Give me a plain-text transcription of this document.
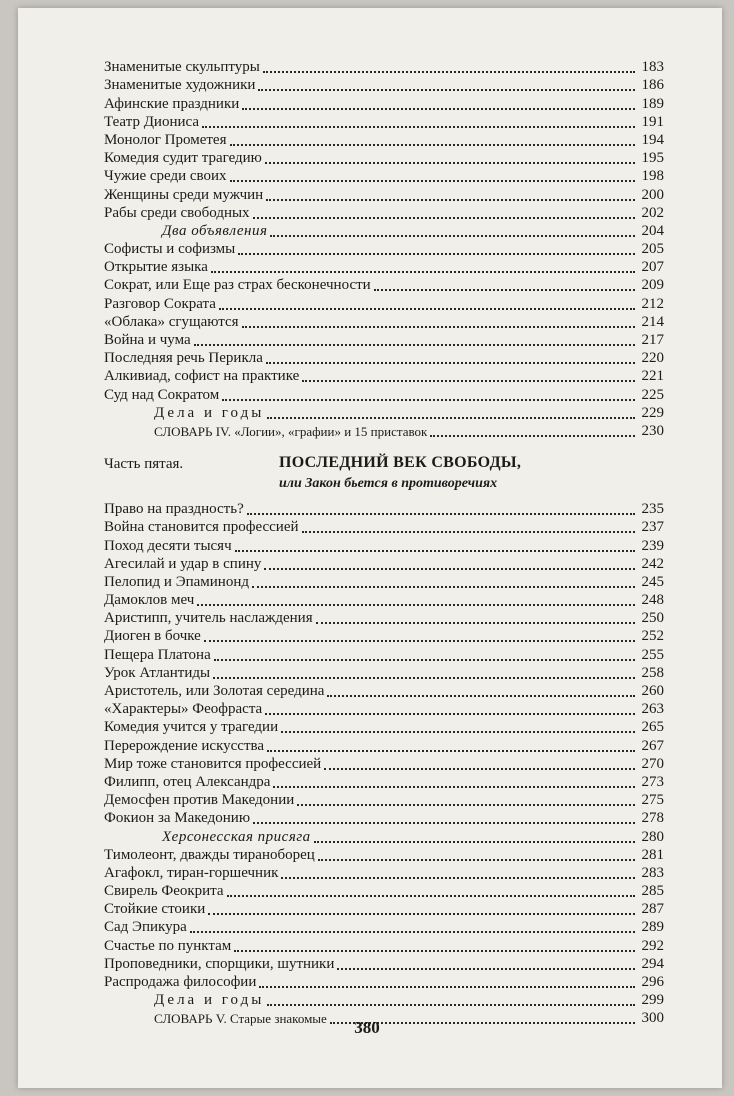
Знаменитые скульптуры	183
Знаменитые художники	186
Афинские праздники	189
Театр Диониса	191
Монолог Прометея	194
Комедия судит трагедию	195
Чужие среди своих	198
Женщины среди мужчин	200
Рабы среди свободных	202
Два объявления	204
Софисты и софизмы	205
Открытие языка	207
Сократ, или Еще раз страх бесконечности	209
Разговор Сократа	212
«Облака» сгущаются	214
Война и чума	217
Последняя речь Перикла	220
Алкивиад, софист на практике	221
Суд над Сократом	225
Дела и годы	229
СЛОВАРЬ IV. «Логии», «графии» и 15 приставок	230
Часть пятая.	ПОСЛЕДНИЙ ВЕК СВОБОДЫ,
или Закон бьется в противоречиях
Право на праздность?	235
Война становится профессией	237
Поход десяти тысяч	239
Агесилай и удар в спину	242
Пелопид и Эпаминонд	245
Дамоклов меч	248
Аристипп, учитель наслаждения	250
Диоген в бочке	252
Пещера Платона	255
Урок Атлантиды	258
Аристотель, или Золотая середина	260
«Характеры» Феофраста	263
Комедия учится у трагедии	265
Перерождение искусства	267
Мир тоже становится профессией	270
Филипп, отец Александра	273
Демосфен против Македонии	275
Фокион за Македонию	278
Херсонесская присяга	280
Тимолеонт, дважды тираноборец	281
Агафокл, тиран-горшечник	283
Свирель Феокрита	285
Стойкие стоики	287
Сад Эпикура	289
Счастье по пунктам	292
Проповедники, спорщики, шутники	294
Распродажа философии	296
Дела и годы	299
СЛОВАРЬ V. Старые знакомые	300
380
